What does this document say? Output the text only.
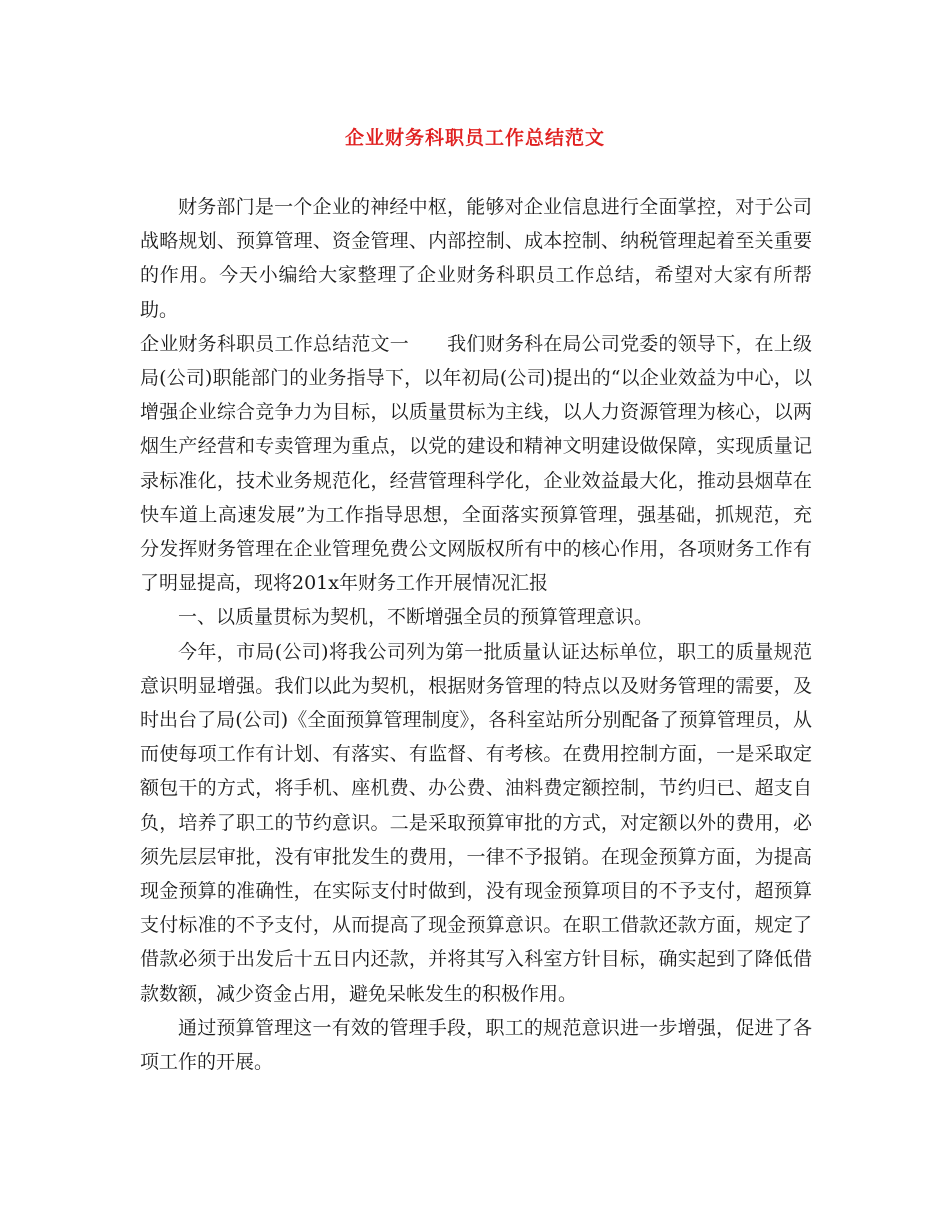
企业财务科职员工作总结范文

财务部门是一个企业的神经中枢，能够对企业信息进行全面掌控，对于公司战略规划、预算管理、资金管理、内部控制、成本控制、纳税管理起着至关重要的作用。今天小编给大家整理了企业财务科职员工作总结，希望对大家有所帮助。

企业财务科职员工作总结范文一 我们财务科在局公司党委的领导下，在上级局(公司)职能部门的业务指导下，以年初局(公司)提出的“以企业效益为中心，以增强企业综合竞争力为目标，以质量贯标为主线，以人力资源管理为核心，以两烟生产经营和专卖管理为重点，以党的建设和精神文明建设做保障，实现质量记录标准化，技术业务规范化，经营管理科学化，企业效益最大化，推动县烟草在快车道上高速发展”为工作指导思想，全面落实预算管理，强基础，抓规范，充分发挥财务管理在企业管理免费公文网版权所有中的核心作用，各项财务工作有了明显提高，现将201x年财务工作开展情况汇报

一、以质量贯标为契机，不断增强全员的预算管理意识。

今年，市局(公司)将我公司列为第一批质量认证达标单位，职工的质量规范意识明显增强。我们以此为契机，根据财务管理的特点以及财务管理的需要，及时出台了局(公司)《全面预算管理制度》，各科室站所分别配备了预算管理员，从而使每项工作有计划、有落实、有监督、有考核。在费用控制方面，一是采取定额包干的方式，将手机、座机费、办公费、油料费定额控制，节约归已、超支自负，培养了职工的节约意识。二是采取预算审批的方式，对定额以外的费用，必须先层层审批，没有审批发生的费用，一律不予报销。在现金预算方面，为提高现金预算的准确性，在实际支付时做到，没有现金预算项目的不予支付，超预算支付标准的不予支付，从而提高了现金预算意识。在职工借款还款方面，规定了借款必须于出发后十五日内还款，并将其写入科室方针目标，确实起到了降低借款数额，减少资金占用，避免呆帐发生的积极作用。

通过预算管理这一有效的管理手段，职工的规范意识进一步增强，促进了各项工作的开展。
